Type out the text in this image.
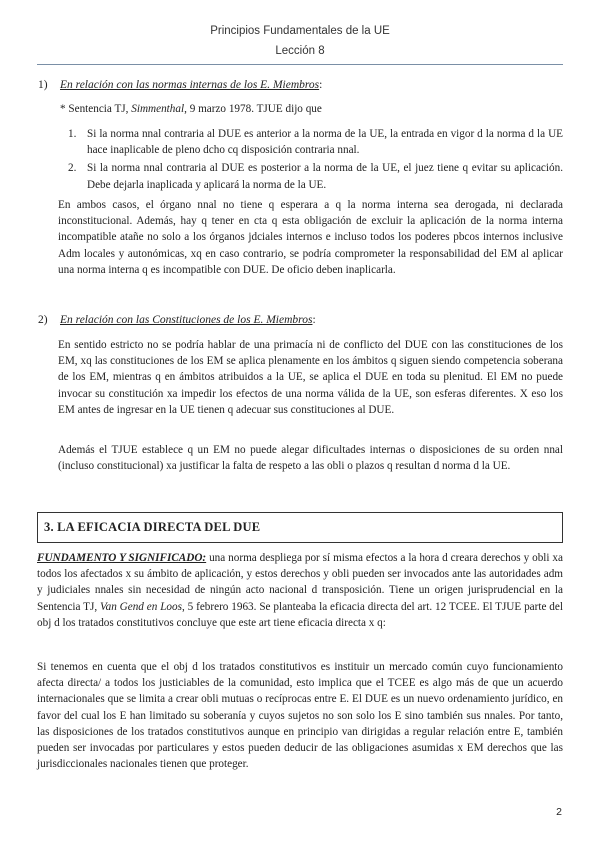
Principios Fundamentales de la UE
Lección 8
1) En relación con las normas internas de los E. Miembros:
* Sentencia TJ, Simmenthal, 9 marzo 1978. TJUE dijo que
1. Si la norma nnal contraria al DUE es anterior a la norma de la UE, la entrada en vigor d la norma d la UE hace inaplicable de pleno dcho cq disposición contraria nnal.
2. Si la norma nnal contraria al DUE es posterior a la norma de la UE, el juez tiene q evitar su aplicación. Debe dejarla inaplicada y aplicará la norma de la UE.

En ambos casos, el órgano nnal no tiene q esperara a q la norma interna sea derogada, ni declarada inconstitucional. Además, hay q tener en cta q esta obligación de excluir la aplicación de la norma interna incompatible atañe no solo a los órganos jdciales internos e incluso todos los poderes pbcos internos inclusive Adm locales y autonómicas, xq en caso contrario, se podría comprometer la responsabilidad del EM al aplicar una norma interna q es incompatible con DUE. De oficio deben inaplicarla.

2) En relación con las Constituciones de los E. Miembros:

En sentido estricto no se podría hablar de una primacía ni de conflicto del DUE con las constituciones de los EM, xq las constituciones de los EM se aplica plenamente en los ámbitos q siguen siendo competencia soberana de los EM, mientras q en ámbitos atribuidos a la UE, se aplica el DUE en toda su plenitud. El EM no puede invocar su constitución xa impedir los efectos de una norma válida de la UE, son esferas diferentes. X eso los EM antes de ingresar en la UE tienen q adecuar sus constituciones al DUE.

Además el TJUE establece q un EM no puede alegar dificultades internas o disposiciones de su orden nnal (incluso constitucional) xa justificar la falta de respeto a las obli o plazos q resultan d norma d la UE.

3. LA EFICACIA DIRECTA DEL DUE

FUNDAMENTO Y SIGNIFICADO: una norma despliega por sí misma efectos a la hora d creara derechos y obli xa todos los afectados x su ámbito de aplicación, y estos derechos y obli pueden ser invocados ante las autoridades adm y judiciales nnales sin necesidad de ningún acto nacional d transposición. Tiene un origen jurisprudencial en la Sentencia TJ, Van Gend en Loos, 5 febrero 1963. Se planteaba la eficacia directa del art. 12 TCEE. El TJUE parte del obj d los tratados constitutivos concluye que este art tiene eficacia directa x q:

Si tenemos en cuenta que el obj d los tratados constitutivos es instituir un mercado común cuyo funcionamiento afecta directa/ a todos los justiciables de la comunidad, esto implica que el TCEE es algo más de que un acuerdo internacionales que se limita a crear obli mutuas o recíprocas entre E. El DUE es un nuevo ordenamiento jurídico, en favor del cual los E han limitado su soberanía y cuyos sujetos no son solo los E sino también sus nnales. Por tanto, las disposiciones de los tratados constitutivos aunque en principio van dirigidas a regular relación entre E, también pueden ser invocadas por particulares y estos pueden deducir de las obligaciones asumidas x EM derechos que las jurisdiccionales nacionales tienen que proteger.

2
